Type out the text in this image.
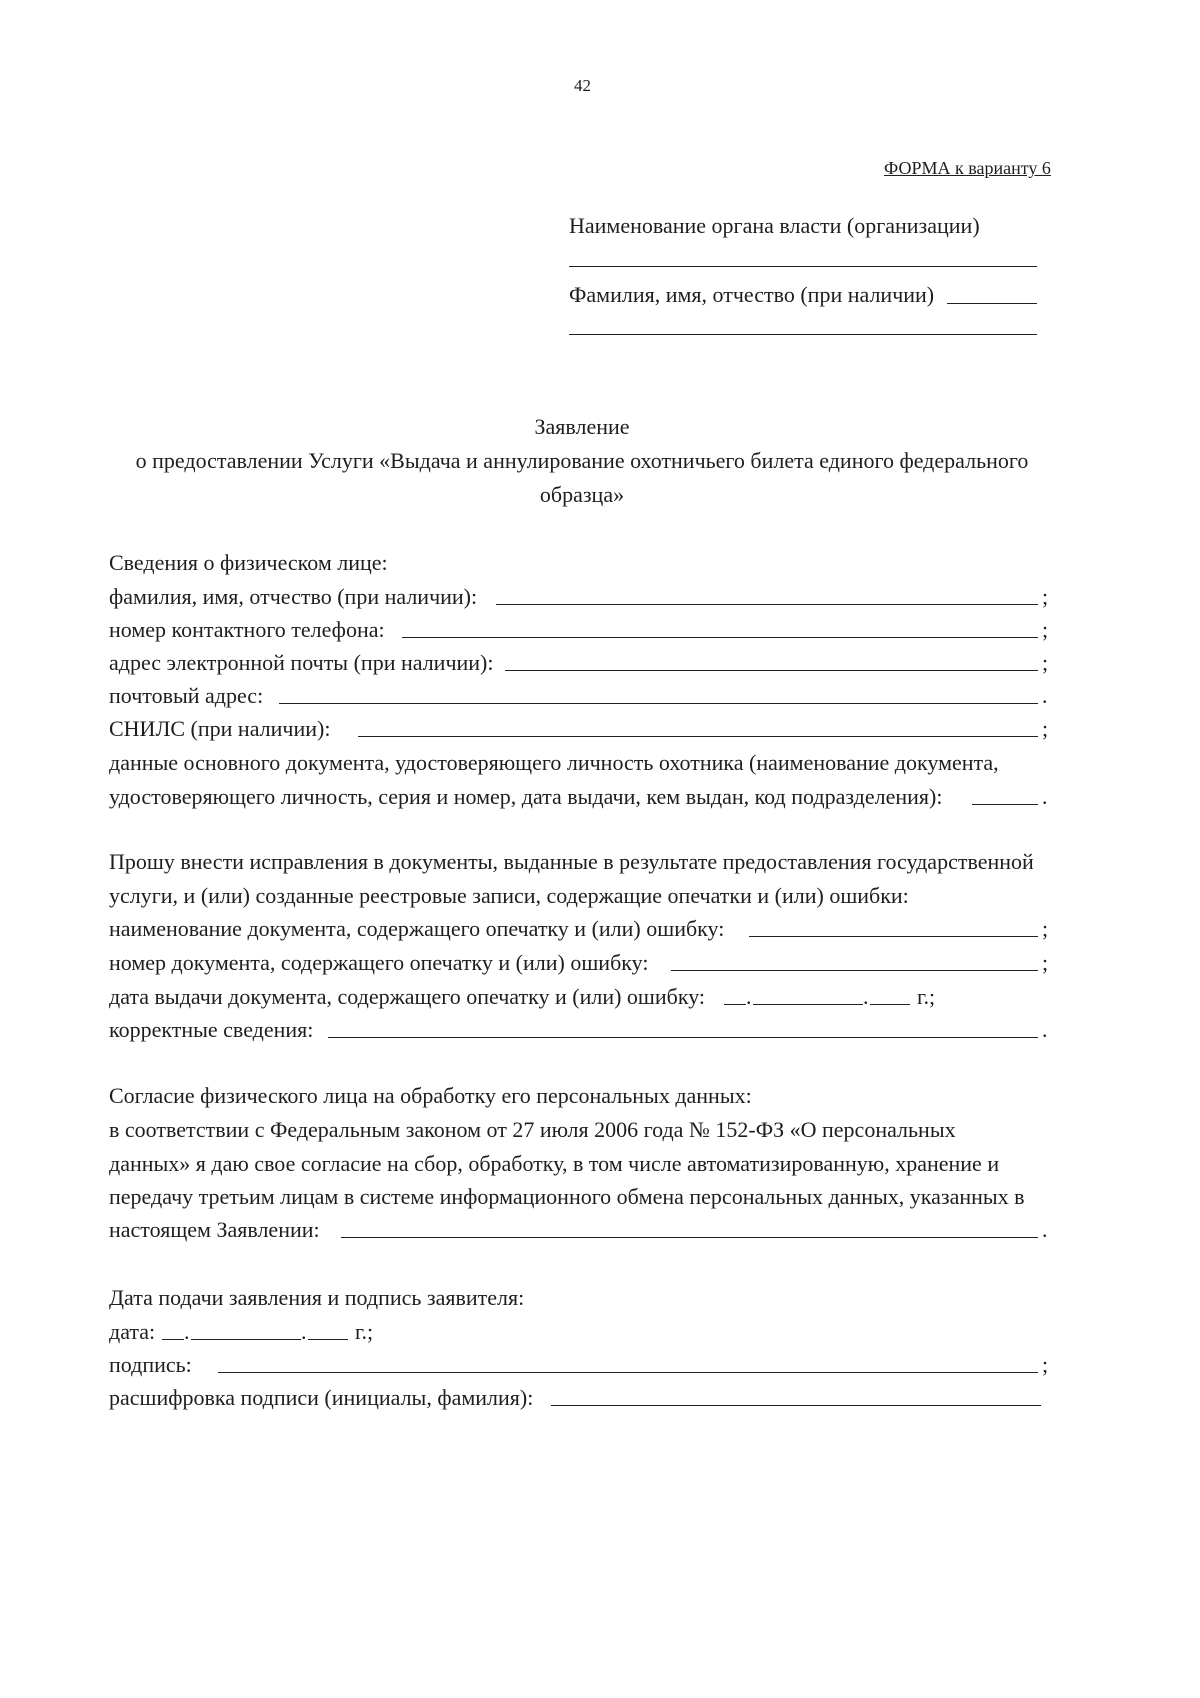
42
ФОРМА к варианту 6
Наименование органа власти (организации)
Фамилия, имя, отчество (при наличии)
Заявление
о предоставлении Услуги «Выдача и аннулирование охотничьего билета единого федерального
образца»
Сведения о физическом лице:
фамилия, имя, отчество (при наличии):	;
номер контактного телефона:	;
адрес электронной почты (при наличии):	;
почтовый адрес:	.
СНИЛС (при наличии):	;
данные основного документа, удостоверяющего личность охотника (наименование документа,
удостоверяющего личность, серия и номер, дата выдачи, кем выдан, код подразделения):	.
Прошу внести исправления в документы, выданные в результате предоставления государственной
услуги, и (или) созданные реестровые записи, содержащие опечатки и (или) ошибки:
наименование документа, содержащего опечатку и (или) ошибку:	;
номер документа, содержащего опечатку и (или) ошибку:	;
дата выдачи документа, содержащего опечатку и (или) ошибку: .	. г.;
корректные сведения:	.
Согласие физического лица на обработку его персональных данных:
в соответствии с Федеральным законом от 27 июля 2006 года № 152-ФЗ «О персональных
данных» я даю свое согласие на сбор, обработку, в том числе автоматизированную, хранение и
передачу третьим лицам в системе информационного обмена персональных данных, указанных в
настоящем Заявлении:	.
Дата подачи заявления и подпись заявителя:
дата: .	. г.;
подпись:	;
расшифровка подписи (инициалы, фамилия):
